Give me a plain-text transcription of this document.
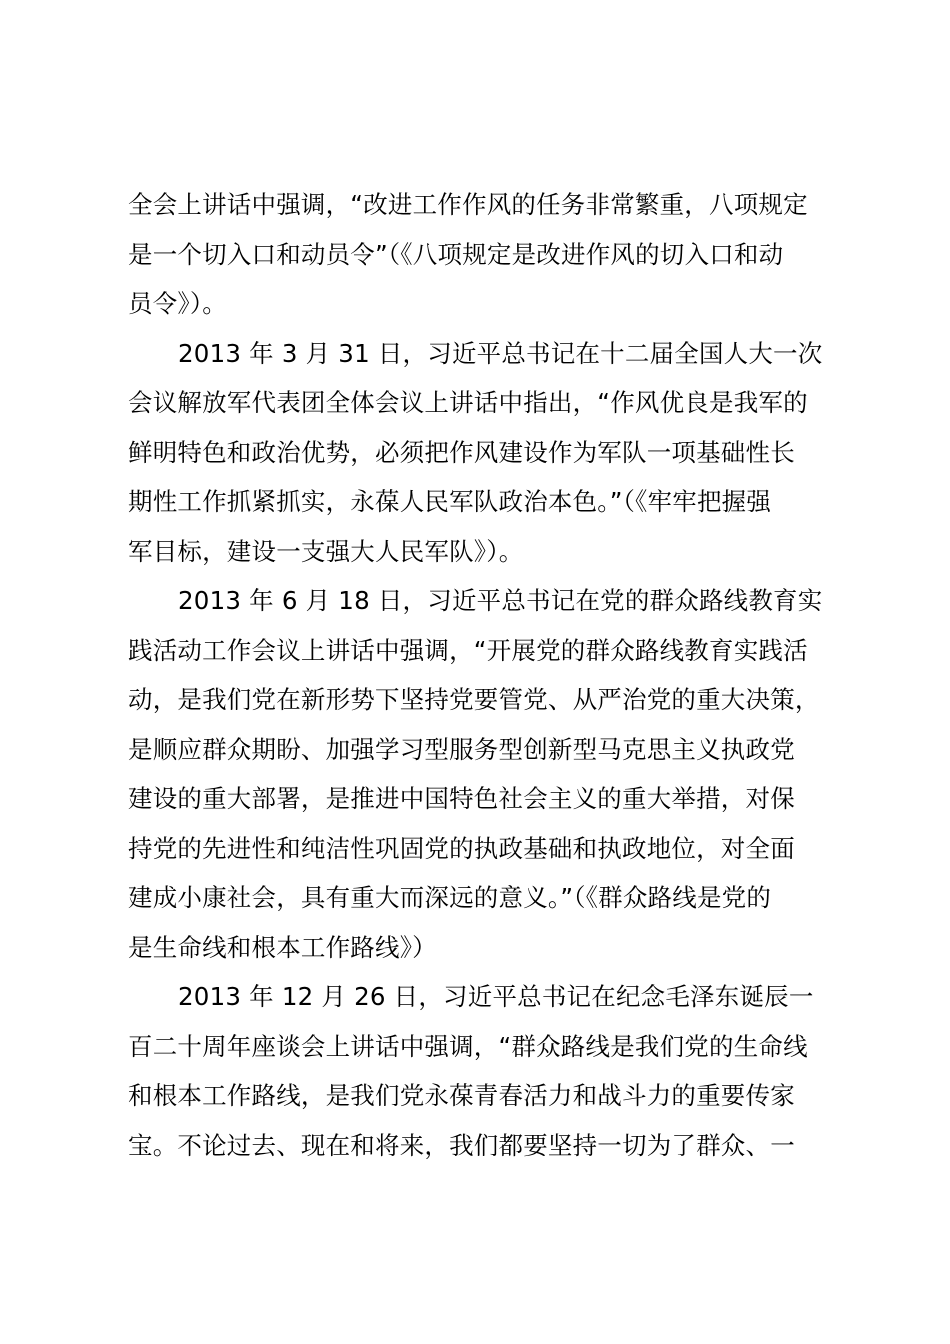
全会上讲话中强调，“改进工作作风的任务非常繁重，八项规定
是一个切入口和动员令”（《八项规定是改进作风的切入口和动
员令》）。
2013 年 3 月 31 日，习近平总书记在十二届全国人大一次
会议解放军代表团全体会议上讲话中指出，“作风优良是我军的
鲜明特色和政治优势，必须把作风建设作为军队一项基础性长
期性工作抓紧抓实，永葆人民军队政治本色。”（《牢牢把握强
军目标，建设一支强大人民军队》）。
2013 年 6 月 18 日，习近平总书记在党的群众路线教育实
践活动工作会议上讲话中强调，“开展党的群众路线教育实践活
动，是我们党在新形势下坚持党要管党、从严治党的重大决策，
是顺应群众期盼、加强学习型服务型创新型马克思主义执政党
建设的重大部署，是推进中国特色社会主义的重大举措，对保
持党的先进性和纯洁性巩固党的执政基础和执政地位，对全面
建成小康社会，具有重大而深远的意义。”（《群众路线是党的
是生命线和根本工作路线》）
2013 年 12 月 26 日，习近平总书记在纪念毛泽东诞辰一
百二十周年座谈会上讲话中强调，“群众路线是我们党的生命线
和根本工作路线，是我们党永葆青春活力和战斗力的重要传家
宝。不论过去、现在和将来，我们都要坚持一切为了群众、一
